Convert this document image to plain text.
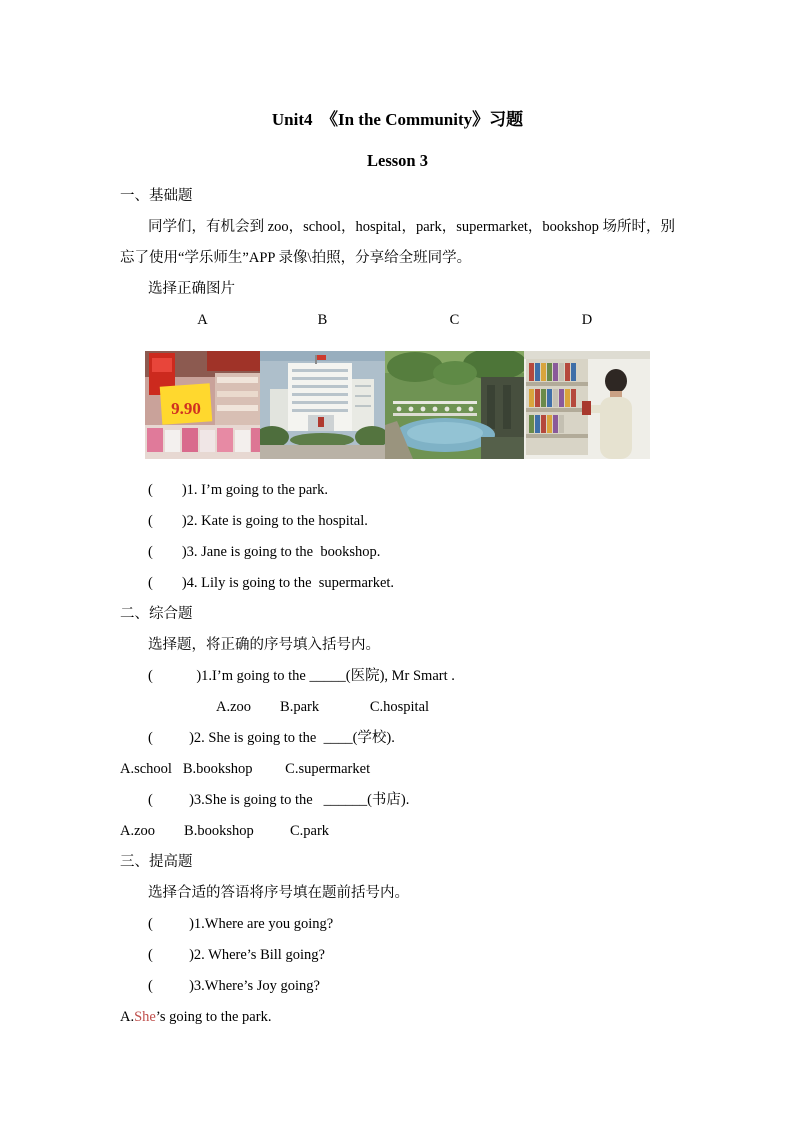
Unit4  《In the Community》习题

Lesson 3

一、基础题

同学们，有机会到 zoo，school，hospital，park，supermarket，bookshop 场所时，别忘了使用“学乐师生”APP 录像\拍照，分享给全班同学。

选择正确图片

A	B	C	D
9.90

(        )1. I’m going to the park.

(        )2. Kate is going to the hospital.

(        )3. Jane is going to the  bookshop.

(        )4. Lily is going to the  supermarket.

二、综合题

选择题，将正确的序号填入括号内。

(            )1.I’m going to the _____(医院), Mr Smart .

A.zoo        B.park              C.hospital

(          )2. She is going to the  ____(学校).

A.school   B.bookshop         C.supermarket

(          )3.She is going to the   ______(书店).

A.zoo        B.bookshop          C.park

三、提高题

选择合适的答语将序号填在题前括号内。

(          )1.Where are you going?

(          )2. Where’s Bill going?

(          )3.Where’s Joy going?

A.She’s going to the park.
